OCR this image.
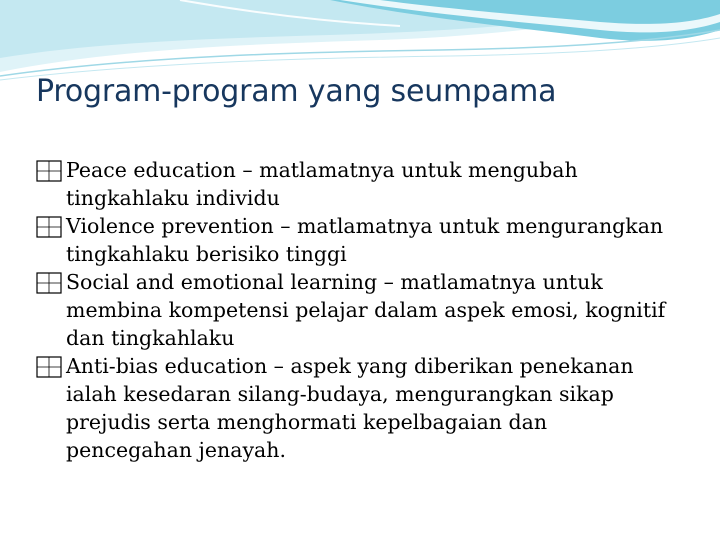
Program-program yang seumpama
Peace education – matlamatnya untuk mengubah tingkahlaku individu
Violence prevention – matlamatnya untuk mengurangkan tingkahlaku berisiko tinggi
Social and emotional learning – matlamatnya untuk membina kompetensi pelajar dalam aspek emosi, kognitif dan tingkahlaku
Anti-bias education – aspek yang diberikan penekanan ialah kesedaran silang-budaya, mengurangkan sikap prejudis serta menghormati kepelbagaian dan pencegahan jenayah.
